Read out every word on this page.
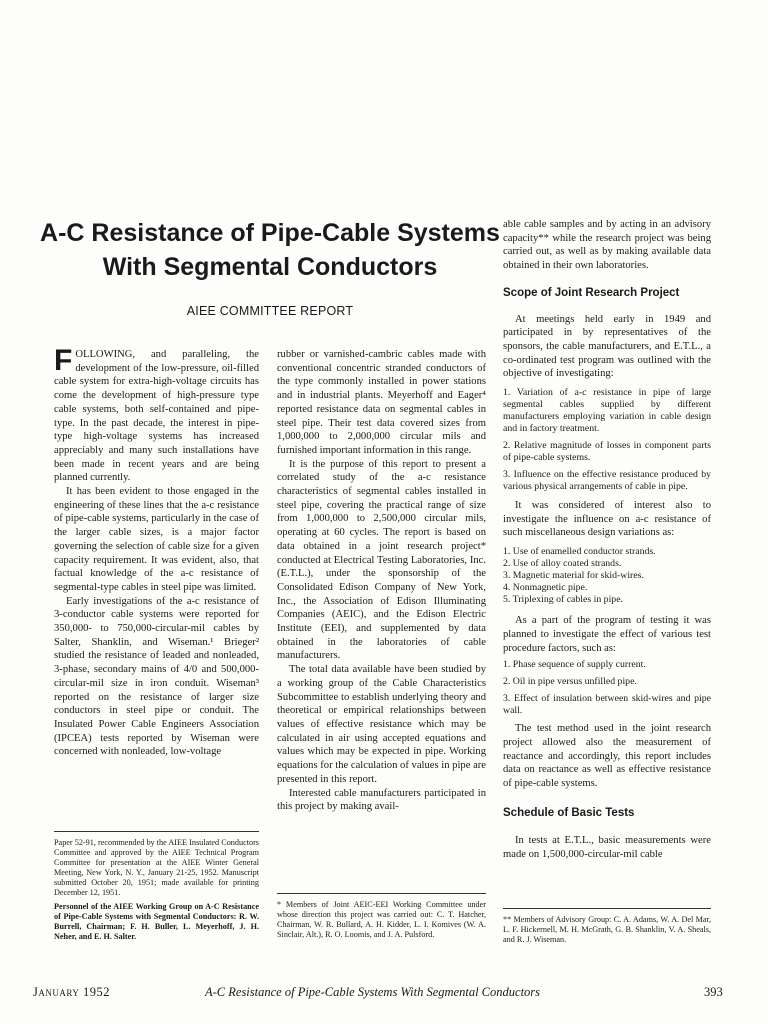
A-C Resistance of Pipe-Cable Systems
With Segmental Conductors
AIEE COMMITTEE REPORT

FOLLOWING, and paralleling, the development of the low-pressure, oil-filled cable system for extra-high-voltage circuits has come the development of high-pressure type cable systems, both self-contained and pipe-type. In the past decade, the interest in pipe-type high-voltage systems has increased appreciably and many such installations have been made in recent years and are being planned currently.

It has been evident to those engaged in the engineering of these lines that the a-c resistance of pipe-cable systems, particularly in the case of the larger cable sizes, is a major factor governing the selection of cable size for a given capacity requirement. It was evident, also, that factual knowledge of the a-c resistance of segmental-type cables in steel pipe was limited.

Early investigations of the a-c resistance of 3-conductor cable systems were reported for 350,000- to 750,000-circular-mil cables by Salter, Shanklin, and Wiseman.¹ Brieger² studied the resistance of leaded and nonleaded, 3-phase, secondary mains of 4/0 and 500,000-circular-mil size in iron conduit. Wiseman³ reported on the resistance of larger size conductors in steel pipe or conduit. The Insulated Power Cable Engineers Association (IPCEA) tests reported by Wiseman were concerned with nonleaded, low-voltage

Paper 52-91, recommended by the AIEE Insulated Conductors Committee and approved by the AIEE Technical Program Committee for presentation at the AIEE Winter General Meeting, New York, N. Y., January 21-25, 1952. Manuscript submitted October 20, 1951; made available for printing December 12, 1951.

Personnel of the AIEE Working Group on A-C Resistance of Pipe-Cable Systems with Segmental Conductors: R. W. Burrell, Chairman; F. H. Buller, L. Meyerhoff, J. H. Neher, and E. H. Salter.

rubber or varnished-cambric cables made with conventional concentric stranded conductors of the type commonly installed in power stations and in industrial plants. Meyerhoff and Eager⁴ reported resistance data on segmental cables in steel pipe. Their test data covered sizes from 1,000,000 to 2,000,000 circular mils and furnished important information in this range.

It is the purpose of this report to present a correlated study of the a-c resistance characteristics of segmental cables installed in steel pipe, covering the practical range of size from 1,000,000 to 2,500,000 circular mils, operating at 60 cycles. The report is based on data obtained in a joint research project* conducted at Electrical Testing Laboratories, Inc. (E.T.L.), under the sponsorship of the Consolidated Edison Company of New York, Inc., the Association of Edison Illuminating Companies (AEIC), and the Edison Electric Institute (EEI), and supplemented by data obtained in the laboratories of cable manufacturers.

The total data available have been studied by a working group of the Cable Characteristics Subcommittee to establish underlying theory and theoretical or empirical relationships between values of effective resistance which may be calculated in air using accepted equations and values which may be expected in pipe. Working equations for the calculation of values in pipe are presented in this report.

Interested cable manufacturers participated in this project by making avail-

* Members of Joint AEIC-EEI Working Committee under whose direction this project was carried out: C. T. Hatcher, Chairman, W. R. Bullard, A. H. Kidder, L. I. Komives (W. A. Sinclair, Alt.), R. O. Loomis, and J. A. Pulsford.

able cable samples and by acting in an advisory capacity** while the research project was being carried out, as well as by making available data obtained in their own laboratories.

Scope of Joint Research Project

At meetings held early in 1949 and participated in by representatives of the sponsors, the cable manufacturers, and E.T.L., a co-ordinated test program was outlined with the objective of investigating:

1. Variation of a-c resistance in pipe of large segmental cables supplied by different manufacturers employing variation in cable design and in factory treatment.
2. Relative magnitude of losses in component parts of pipe-cable systems.
3. Influence on the effective resistance produced by various physical arrangements of cable in pipe.

It was considered of interest also to investigate the influence on a-c resistance of such miscellaneous design variations as:

1. Use of enamelled conductor strands.
2. Use of alloy coated strands.
3. Magnetic material for skid-wires.
4. Nonmagnetic pipe.
5. Triplexing of cables in pipe.

As a part of the program of testing it was planned to investigate the effect of various test procedure factors, such as:

1. Phase sequence of supply current.
2. Oil in pipe versus unfilled pipe.
3. Effect of insulation between skid-wires and pipe wall.

The test method used in the joint research project allowed also the measurement of reactance and accordingly, this report includes data on reactance as well as effective resistance of pipe-cable systems.

Schedule of Basic Tests

In tests at E.T.L., basic measurements were made on 1,500,000-circular-mil cable

** Members of Advisory Group: C. A. Adams, W. A. Del Mar, L. F. Hickernell, M. H. McGrath, G. B. Shanklin, V. A. Sheals, and R. J. Wiseman.

January 1952	A-C Resistance of Pipe-Cable Systems With Segmental Conductors	393
